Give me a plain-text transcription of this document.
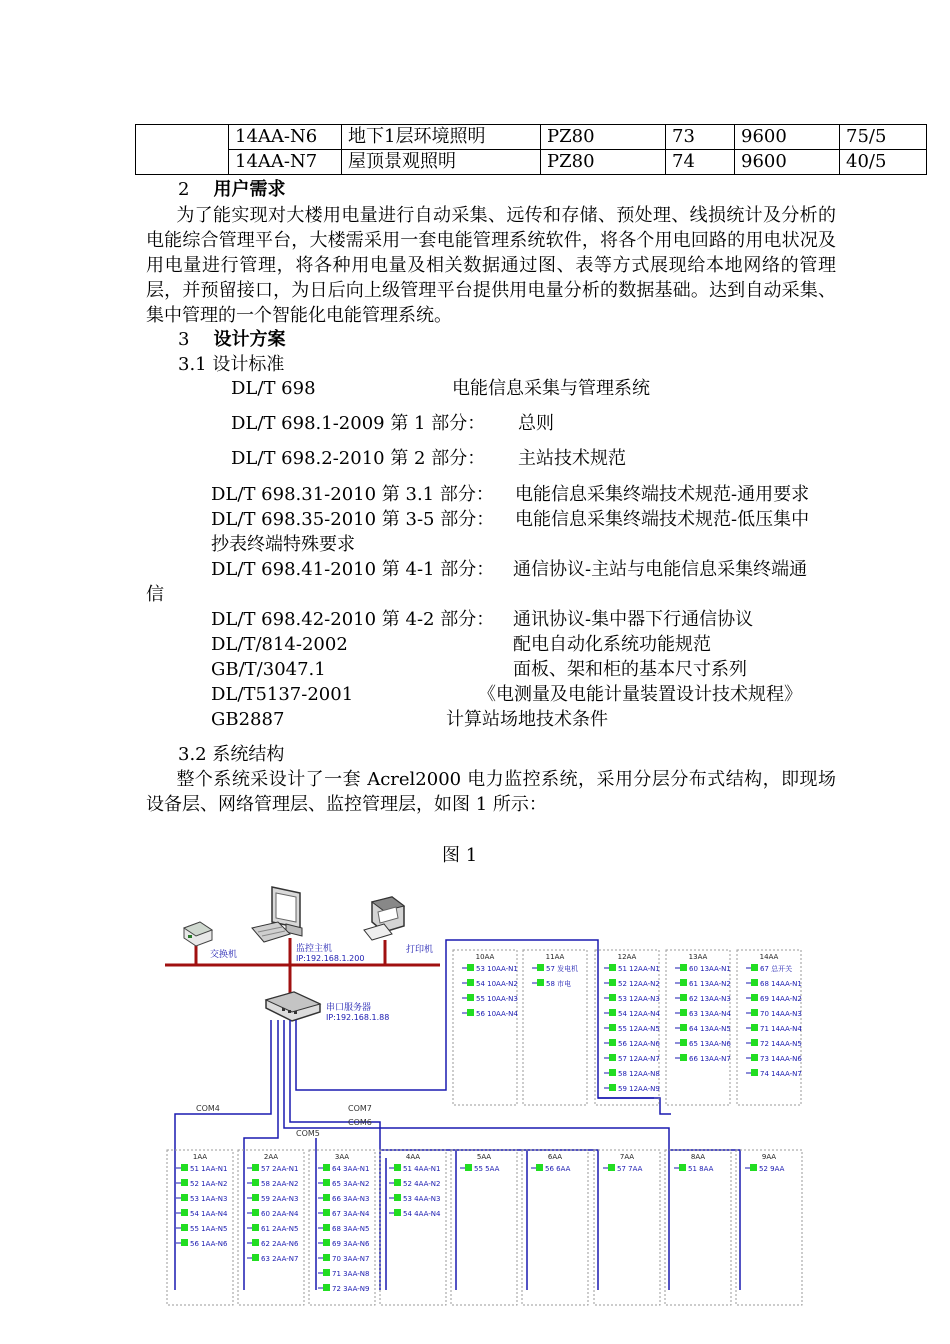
	14AA-N6	地下1层环境照明	PZ80	73	9600	75/5
	14AA-N7	屋顶景观照明	PZ80	74	9600	40/5
2 用户需求
为了能实现对大楼用电量进行自动采集、远传和存储、预处理、线损统计及分析的电能综合管理平台，大楼需采用一套电能管理系统软件，将各个用电回路的用电状况及用电量进行管理，将各种用电量及相关数据通过图、表等方式展现给本地网络的管理层，并预留接口，为日后向上级管理平台提供用电量分析的数据基础。达到自动采集、集中管理的一个智能化电能管理系统。
3 设计方案
3.1 设计标准
DL/T 698	电能信息采集与管理系统
DL/T 698.1-2009 第 1 部分： 总则
DL/T 698.2-2010 第 2 部分： 主站技术规范
DL/T 698.31-2010 第 3.1 部分： 电能信息采集终端技术规范-通用要求
DL/T 698.35-2010 第 3-5 部分： 电能信息采集终端技术规范-低压集中
抄表终端特殊要求
DL/T 698.41-2010 第 4-1 部分： 通信协议-主站与电能信息采集终端通
信
DL/T 698.42-2010 第 4-2 部分： 通讯协议-集中器下行通信协议
DL/T/814-2002	配电自动化系统功能规范
GB/T/3047.1	面板、架和柜的基本尺寸系列
DL/T5137-2001	《电测量及电能计量装置设计技术规程》
GB2887	计算站场地技术条件
3.2 系统结构
整个系统采设计了一套 Acrel2000 电力监控系统，采用分层分布式结构，即现场设备层、网络管理层、监控管理层，如图 1 所示：
图 1
交换机
监控主机
IP:192.168.1.200
打印机
串口服务器
IP:192.168.1.88
COM4
COM5
COM6
COM7
10AA
53 10AA-N1
54 10AA-N2
55 10AA-N3
56 10AA-N4
11AA
57 发电机
58 市电
12AA
51 12AA-N1
52 12AA-N2
53 12AA-N3
54 12AA-N4
55 12AA-N5
56 12AA-N6
57 12AA-N7
58 12AA-N8
59 12AA-N9
13AA
60 13AA-N1
61 13AA-N2
62 13AA-N3
63 13AA-N4
64 13AA-N5
65 13AA-N6
66 13AA-N7
14AA
67 总开关
68 14AA-N1
69 14AA-N2
70 14AA-N3
71 14AA-N4
72 14AA-N5
73 14AA-N6
74 14AA-N7
1AA
51 1AA-N1
52 1AA-N2
53 1AA-N3
54 1AA-N4
55 1AA-N5
56 1AA-N6
2AA
57 2AA-N1
58 2AA-N2
59 2AA-N3
60 2AA-N4
61 2AA-N5
62 2AA-N6
63 2AA-N7
3AA
64 3AA-N1
65 3AA-N2
66 3AA-N3
67 3AA-N4
68 3AA-N5
69 3AA-N6
70 3AA-N7
71 3AA-N8
72 3AA-N9
4AA
51 4AA-N1
52 4AA-N2
53 4AA-N3
54 4AA-N4
5AA
55 5AA
6AA
56 6AA
7AA
57 7AA
8AA
51 8AA
9AA
52 9AA
